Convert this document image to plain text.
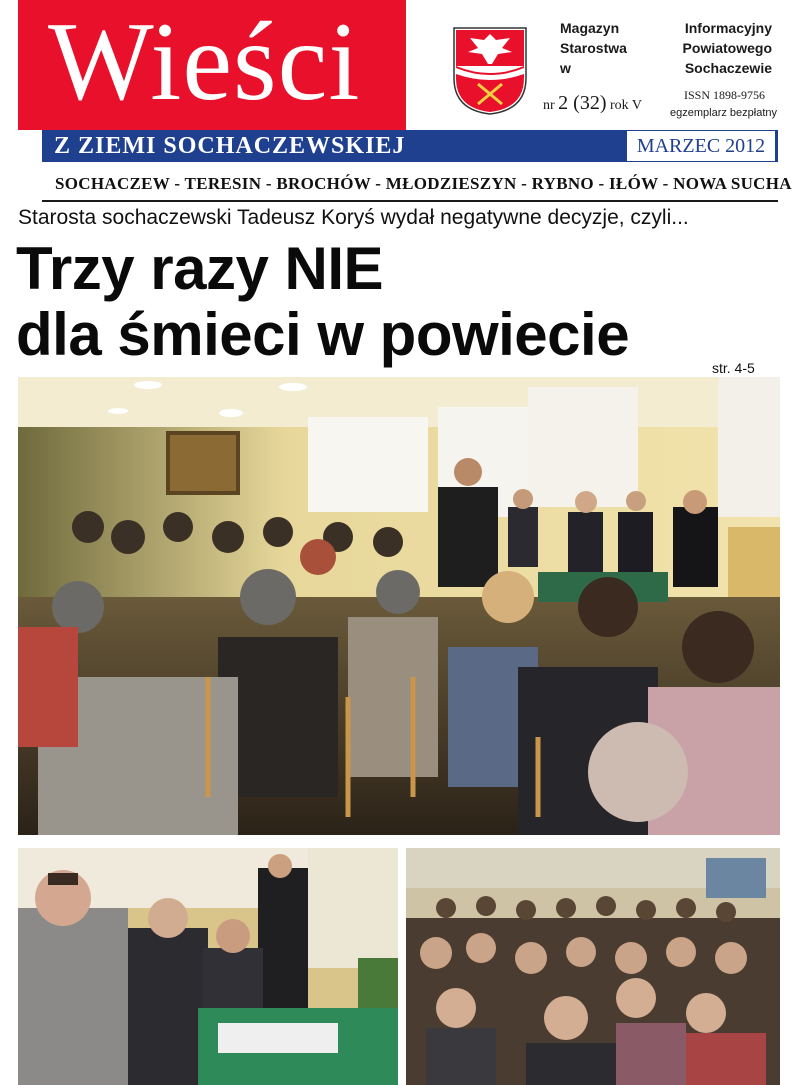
Wieści	Magazyn Informacyjny
Starostwa Powiatowego
w Sochaczewie
nr 2 (32) rok V
ISSN 1898-9756
egzemplarz bezpłatny
Z ZIEMI SOCHACZEWSKIEJ	MARZEC 2012
SOCHACZEW - TERESIN - BROCHÓW - MŁODZIESZYN - RYBNO - IŁÓW - NOWA SUCHA
Starosta sochaczewski Tadeusz Koryś wydał negatywne decyzje, czyli...
Trzy razy NIE
dla śmieci w powiecie	str. 4-5
